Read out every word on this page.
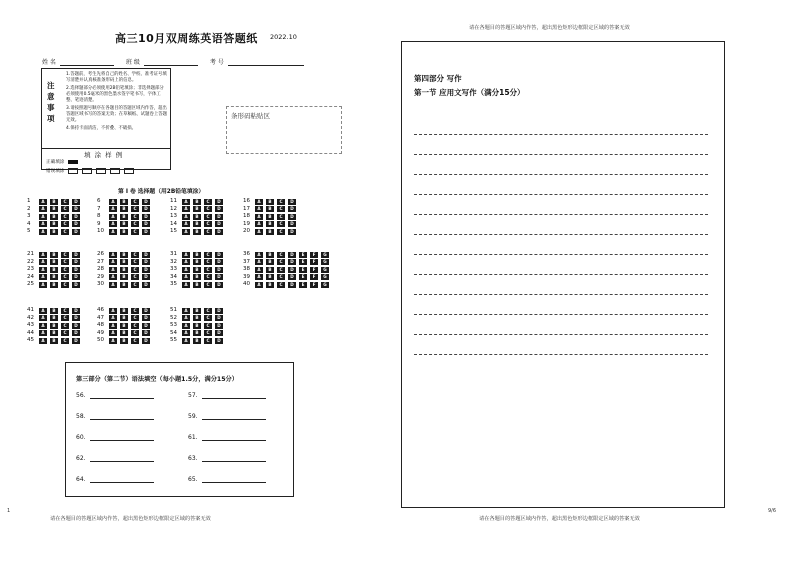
高三10月双周练英语答题纸 2022.10
姓 名	班 级	考 号
注意事项
1.答题前，考生先将自己的姓名、学校、准考证号填写清楚并认真核准条形码上的信息。
2.选择题部分必须使用2B铅笔填涂；非选择题部分必须使用0.5毫米的黑色墨水签字笔书写，字体工整、笔迹清楚。
3.请按照题号顺序在各题目的答题区域内作答，超出答题区域书写的答案无效；在草稿纸、试题卷上答题无效。
4.保持卡面清洁，不折叠、不破损。
填 涂 样 例
正确填涂
错误填涂
条形码粘贴区
第 I 卷 选择题（用2B铅笔填涂）
1	A	B	C	D
2	A	B	C	D
3	A	B	C	D
4	A	B	C	D
5	A	B	C	D
6	A	B	C	D
7	A	B	C	D
8	A	B	C	D
9	A	B	C	D
10	A	B	C	D
11	A	B	C	D
12	A	B	C	D
13	A	B	C	D
14	A	B	C	D
15	A	B	C	D
16	A	B	C	D
17	A	B	C	D
18	A	B	C	D
19	A	B	C	D
20	A	B	C	D
21	A	B	C	D
22	A	B	C	D
23	A	B	C	D
24	A	B	C	D
25	A	B	C	D
26	A	B	C	D
27	A	B	C	D
28	A	B	C	D
29	A	B	C	D
30	A	B	C	D
31	A	B	C	D
32	A	B	C	D
33	A	B	C	D
34	A	B	C	D
35	A	B	C	D
36	A	B	C	D	E	F	G
37	A	B	C	D	E	F	G
38	A	B	C	D	E	F	G
39	A	B	C	D	E	F	G
40	A	B	C	D	E	F	G
41	A	B	C	D
42	A	B	C	D
43	A	B	C	D
44	A	B	C	D
45	A	B	C	D
46	A	B	C	D
47	A	B	C	D
48	A	B	C	D
49	A	B	C	D
50	A	B	C	D
51	A	B	C	D
52	A	B	C	D
53	A	B	C	D
54	A	B	C	D
55	A	B	C	D
第三部分（第二节）语法填空（每小题1.5分，满分15分）
56.	57.
58.	59.
60.	61.
62.	63.
64.	65.
请在各题目的答题区域内作答，超出黑色矩形边框限定区域的答案无效
第四部分 写作
第一节 应用文写作（满分15分）
请在各题目的答题区域内作答，超出黑色矩形边框限定区域的答案无效	请在各题目的答题区域内作答，超出黑色矩形边框限定区域的答案无效
1	9/6
